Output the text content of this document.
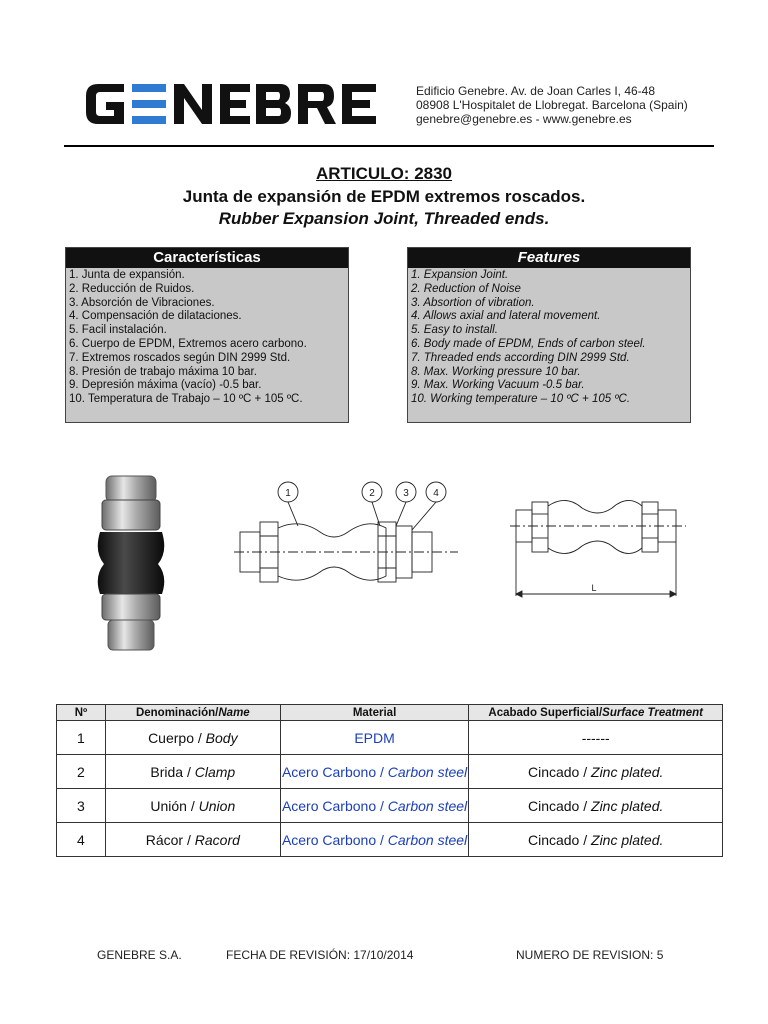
Edificio Genebre. Av. de Joan Carles I, 46-48
08908 L'Hospitalet de Llobregat. Barcelona (Spain)
genebre@genebre.es - www.genebre.es
ARTICULO: 2830
Junta de expansión de EPDM extremos roscados.
Rubber Expansion Joint, Threaded ends.
Características
1. Junta de expansión.
2. Reducción de Ruidos.
3. Absorción de Vibraciones.
4. Compensación de dilataciones.
5. Facil instalación.
6. Cuerpo de EPDM, Extremos acero carbono.
7. Extremos roscados según DIN 2999 Std.
8. Presión de trabajo máxima 10 bar.
9. Depresión máxima (vacío) -0.5 bar.
10. Temperatura de Trabajo – 10 ºC + 105 ºC.
Features
1. Expansion Joint.
2. Reduction of Noise
3. Absortion of vibration.
4. Allows axial and lateral movement.
5. Easy to install.
6. Body made of EPDM, Ends of carbon steel.
7. Threaded ends according DIN 2999 Std.
8. Max. Working pressure 10 bar.
9. Max. Working Vacuum -0.5 bar.
10. Working temperature – 10 ºC + 105 ºC.
1	2	3 4
L
Nº	Denominación/Name	Material	Acabado Superficial/Surface Treatment
1	Cuerpo / Body	EPDM	------
2	Brida / Clamp	Acero Carbono / Carbon steel	Cincado / Zinc plated.
3	Unión / Union	Acero Carbono / Carbon steel	Cincado / Zinc plated.
4	Rácor / Racord	Acero Carbono / Carbon steel	Cincado / Zinc plated.
GENEBRE S.A.	FECHA DE REVISIÓN: 17/10/2014	NUMERO DE REVISION: 5
